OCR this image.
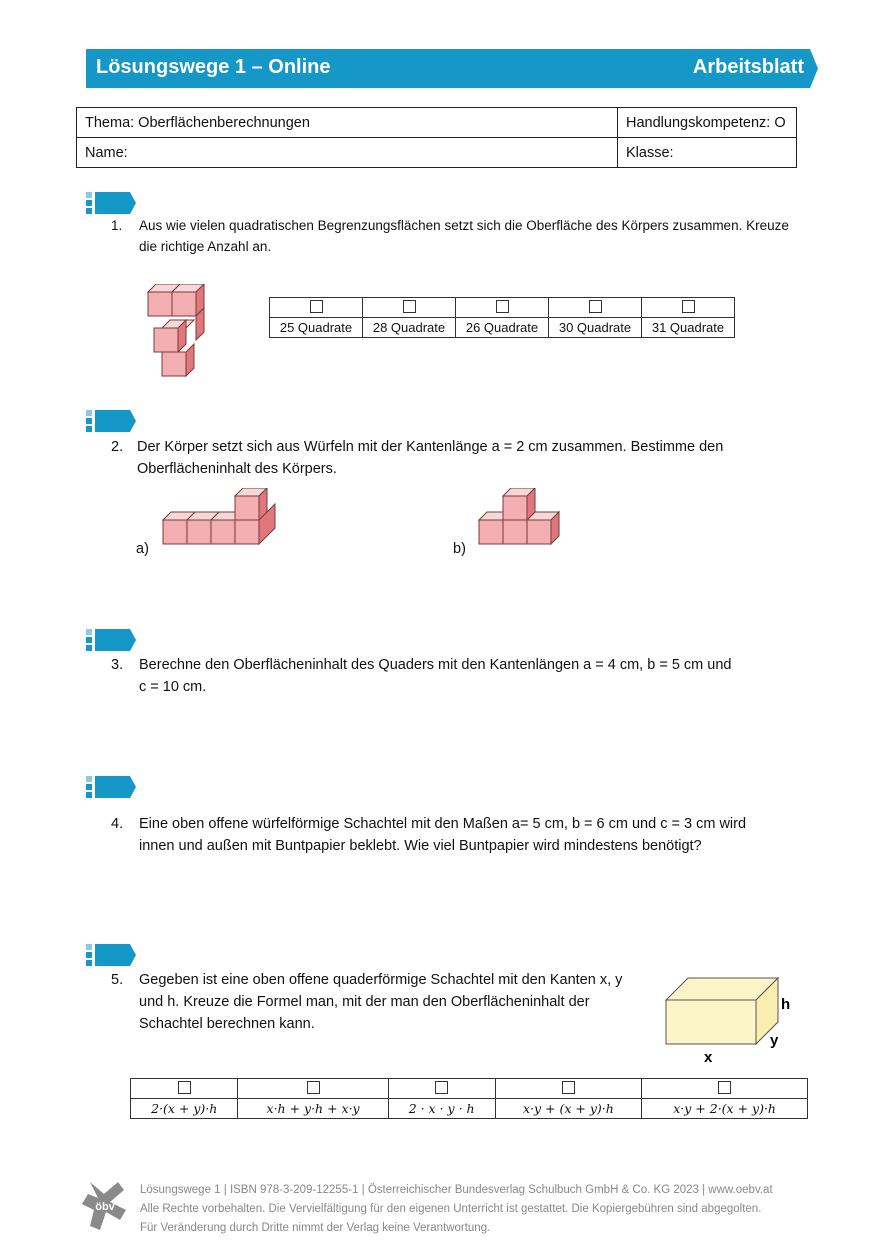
Lösungswege 1 – Online	Arbeitsblatt
Thema: Oberflächenberechnungen	Handlungskompetenz: O
Name:	Klasse:
1. Aus wie vielen quadratischen Begrenzungsflächen setzt sich die Oberfläche des Körpers zusammen. Kreuze
die richtige Anzahl an.

25 Quadrate	28 Quadrate	26 Quadrate	30 Quadrate	31 Quadrate
2. Der Körper setzt sich aus Würfeln mit der Kantenlänge a = 2 cm zusammen. Bestimme den
Oberflächeninhalt des Körpers.
a)	b)
3. Berechne den Oberflächeninhalt des Quaders mit den Kantenlängen a = 4 cm, b = 5 cm und
c = 10 cm.
4. Eine oben offene würfelförmige Schachtel mit den Maßen a= 5 cm, b = 6 cm und c = 3 cm wird
innen und außen mit Buntpapier beklebt. Wie viel Buntpapier wird mindestens benötigt?
5. Gegeben ist eine oben offene quaderförmige Schachtel mit den Kanten x, y
und h. Kreuze die Formel man, mit der man den Oberflächeninhalt der
Schachtel berechnen kann.
h
x
y

2·(x + y)·h	x·h + y·h + x·y	2 · x · y · h	x·y + (x + y)·h	x·y + 2·(x + y)·h
öbv
Lösungswege 1 | ISBN 978-3-209-12255-1 | Österreichischer Bundesverlag Schulbuch GmbH & Co. KG 2023 | www.oebv.at
Alle Rechte vorbehalten. Die Vervielfältigung für den eigenen Unterricht ist gestattet. Die Kopiergebühren sind abgegolten.
Für Veränderung durch Dritte nimmt der Verlag keine Verantwortung.
